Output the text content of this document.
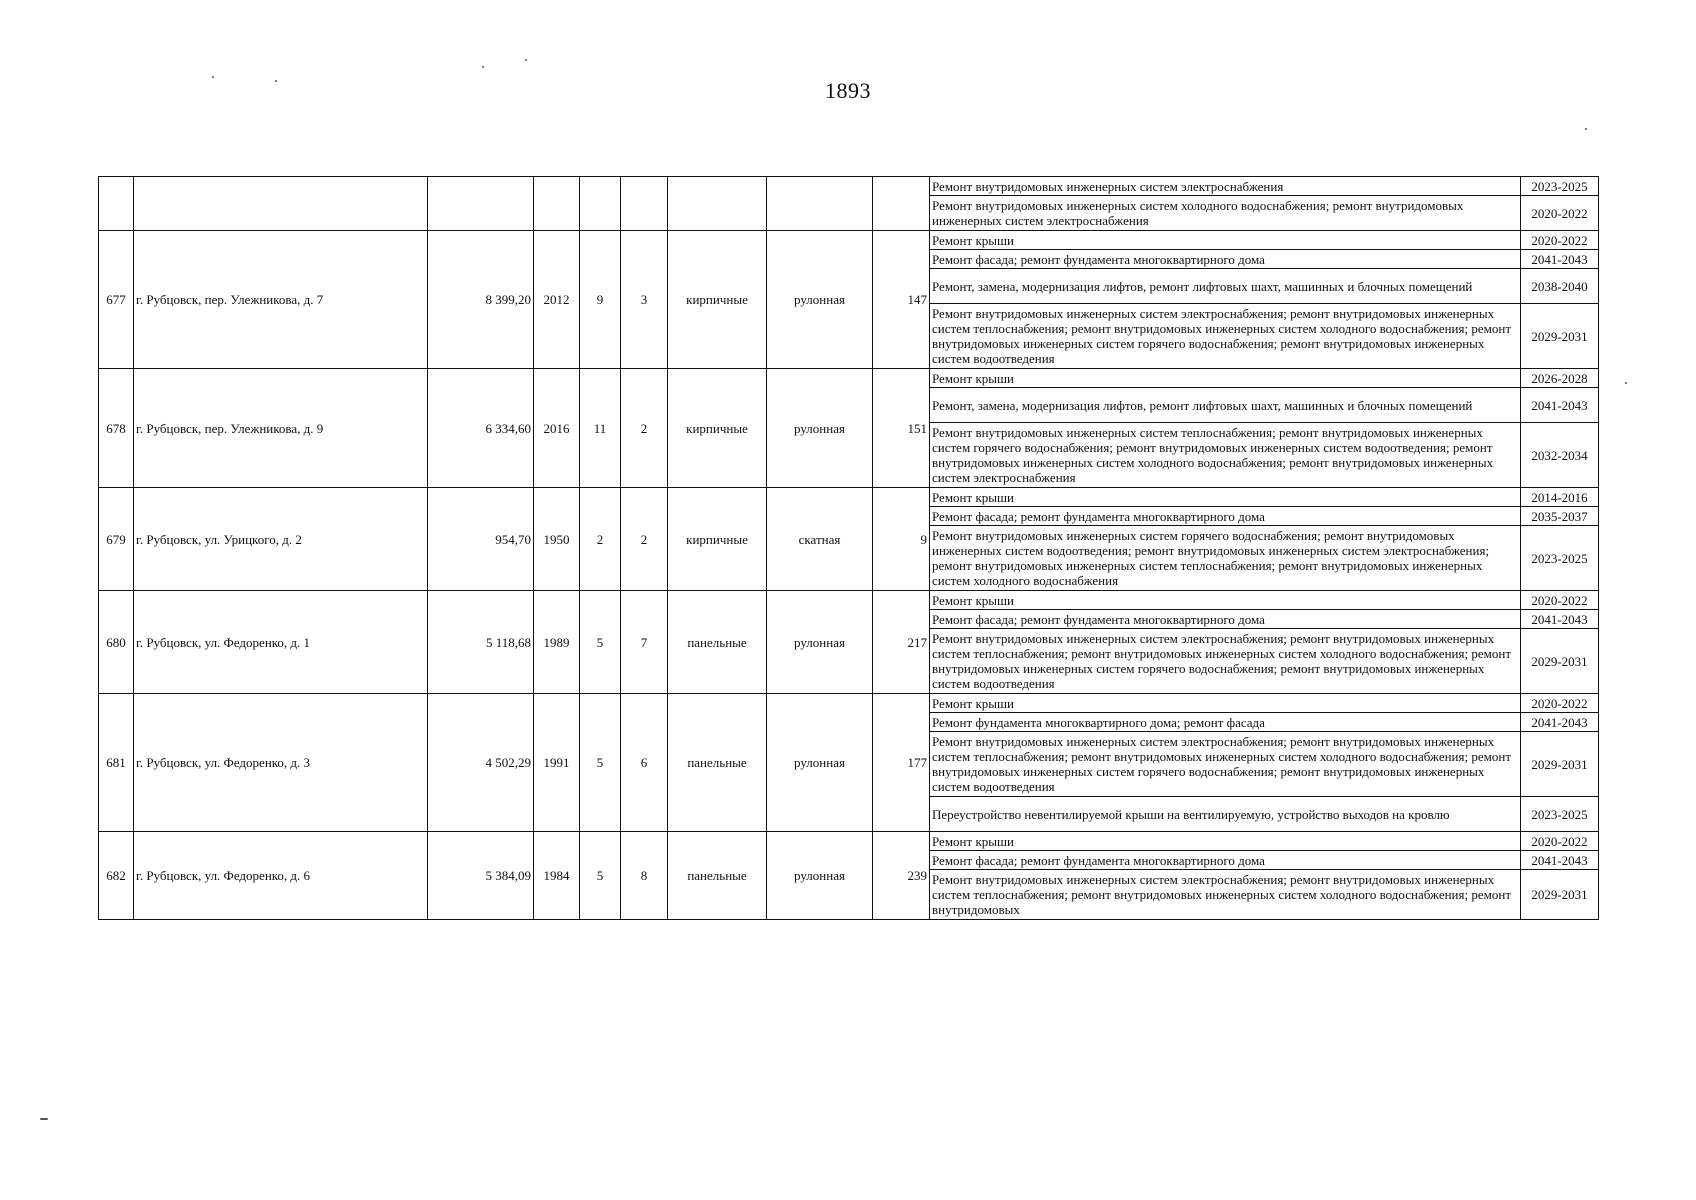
1893
									Ремонт внутридомовых инженерных систем электроснабжения	2023-2025
									Ремонт внутридомовых инженерных систем холодного водоснабжения; ремонт внутридомовых инженерных систем электроснабжения	2020-2022
677	г. Рубцовск, пер. Улежникова, д. 7	8 399,20	2012	9	3	кирпичные	рулонная	147	Ремонт крыши	2020-2022
									Ремонт фасада; ремонт фундамента многоквартирного дома	2041-2043
									Ремонт, замена, модернизация лифтов, ремонт лифтовых шахт, машинных и блочных помещений	2038-2040
									Ремонт внутридомовых инженерных систем электроснабжения; ремонт внутридомовых инженерных систем теплоснабжения; ремонт внутридомовых инженерных систем холодного водоснабжения; ремонт внутридомовых инженерных систем горячего водоснабжения; ремонт внутридомовых инженерных систем водоотведения	2029-2031
678	г. Рубцовск, пер. Улежникова, д. 9	6 334,60	2016	11	2	кирпичные	рулонная	151	Ремонт крыши	2026-2028
									Ремонт, замена, модернизация лифтов, ремонт лифтовых шахт, машинных и блочных помещений	2041-2043
									Ремонт внутридомовых инженерных систем теплоснабжения; ремонт внутридомовых инженерных систем горячего водоснабжения; ремонт внутридомовых инженерных систем водоотведения; ремонт внутридомовых инженерных систем холодного водоснабжения; ремонт внутридомовых инженерных систем электроснабжения	2032-2034
679	г. Рубцовск, ул. Урицкого, д. 2	954,70	1950	2	2	кирпичные	скатная	9	Ремонт крыши	2014-2016
									Ремонт фасада; ремонт фундамента многоквартирного дома	2035-2037
									Ремонт внутридомовых инженерных систем горячего водоснабжения; ремонт внутридомовых инженерных систем водоотведения; ремонт внутридомовых инженерных систем электроснабжения; ремонт внутридомовых инженерных систем теплоснабжения; ремонт внутридомовых инженерных систем холодного водоснабжения	2023-2025
680	г. Рубцовск, ул. Федоренко, д. 1	5 118,68	1989	5	7	панельные	рулонная	217	Ремонт крыши	2020-2022
									Ремонт фасада; ремонт фундамента многоквартирного дома	2041-2043
									Ремонт внутридомовых инженерных систем электроснабжения; ремонт внутридомовых инженерных систем теплоснабжения; ремонт внутридомовых инженерных систем холодного водоснабжения; ремонт внутридомовых инженерных систем горячего водоснабжения; ремонт внутридомовых инженерных систем водоотведения	2029-2031
681	г. Рубцовск, ул. Федоренко, д. 3	4 502,29	1991	5	6	панельные	рулонная	177	Ремонт крыши	2020-2022
									Ремонт фундамента многоквартирного дома; ремонт фасада	2041-2043
									Ремонт внутридомовых инженерных систем электроснабжения; ремонт внутридомовых инженерных систем теплоснабжения; ремонт внутридомовых инженерных систем холодного водоснабжения; ремонт внутридомовых инженерных систем горячего водоснабжения; ремонт внутридомовых инженерных систем водоотведения	2029-2031
									Переустройство невентилируемой крыши на вентилируемую, устройство выходов на кровлю	2023-2025
682	г. Рубцовск, ул. Федоренко, д. 6	5 384,09	1984	5	8	панельные	рулонная	239	Ремонт крыши	2020-2022
									Ремонт фасада; ремонт фундамента многоквартирного дома	2041-2043
									Ремонт внутридомовых инженерных систем электроснабжения; ремонт внутридомовых инженерных систем теплоснабжения; ремонт внутридомовых инженерных систем холодного водоснабжения; ремонт внутридомовых	2029-2031
